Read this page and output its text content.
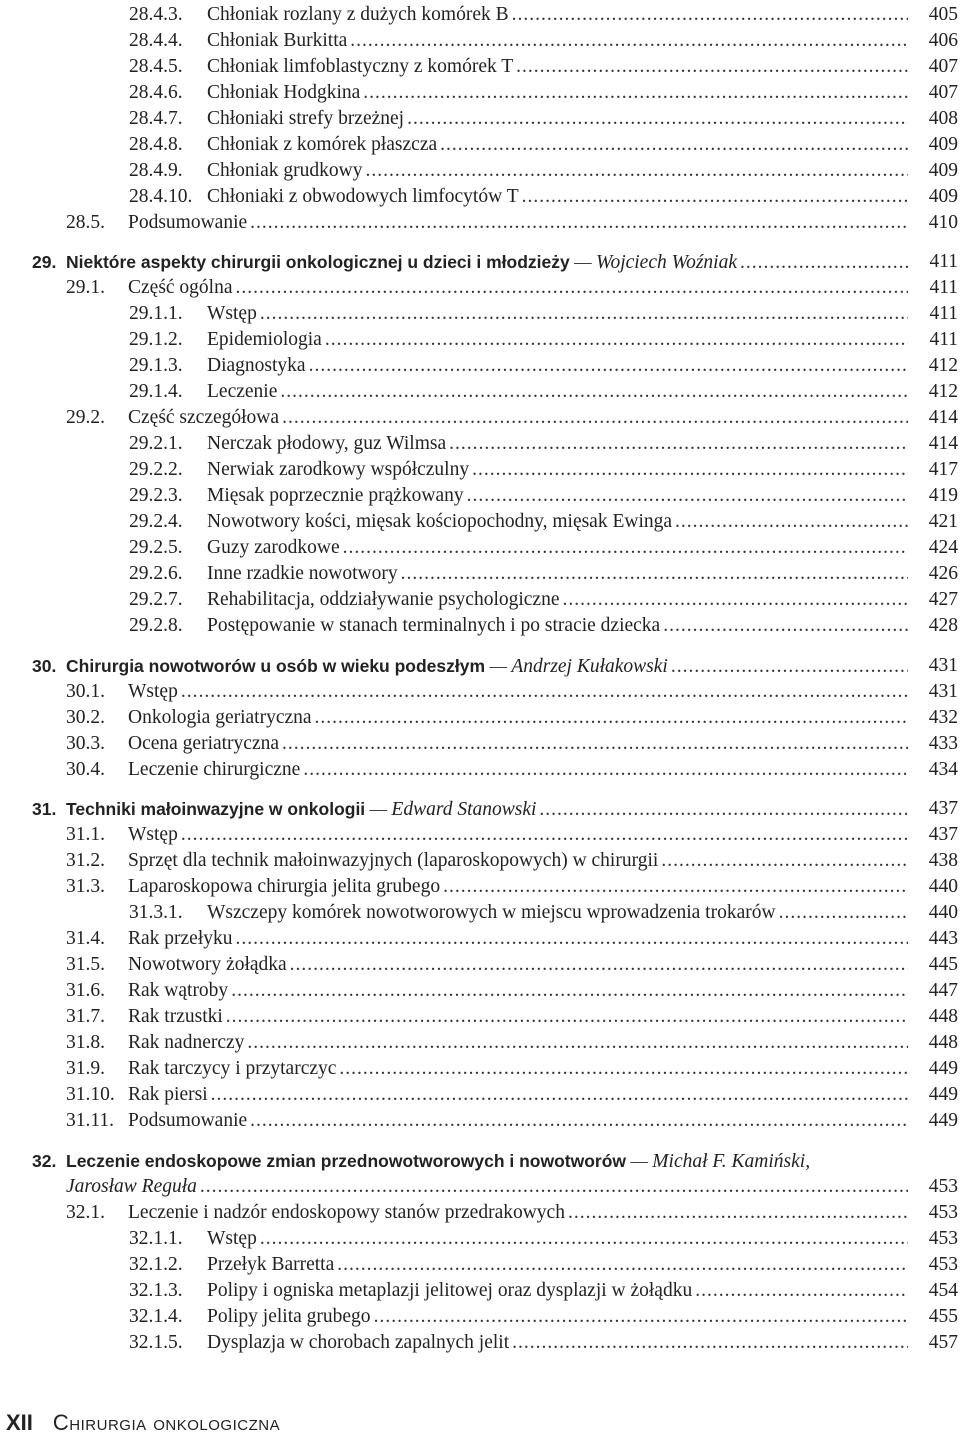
28.4.3. Chłoniak rozlany z dużych komórek B .....	405
28.4.4. Chłoniak Burkitta .....	406
28.4.5. Chłoniak limfoblastyczny z komórek T .....	407
28.4.6. Chłoniak Hodgkina .....	407
28.4.7. Chłoniaki strefy brzeżnej .....	408
28.4.8. Chłoniak z komórek płaszcza .....	409
28.4.9. Chłoniak grudkowy .....	409
28.4.10. Chłoniaki z obwodowych limfocytów T .....	409
28.5. Podsumowanie .....	410
29. Niektóre aspekty chirurgii onkologicznej u dzieci i młodzieży — Wojciech Woźniak .....	411
29.1. Część ogólna .....	411
29.1.1. Wstęp .....	411
29.1.2. Epidemiologia .....	411
29.1.3. Diagnostyka .....	412
29.1.4. Leczenie .....	412
29.2. Część szczegółowa .....	414
29.2.1. Nerczak płodowy, guz Wilmsa .....	414
29.2.2. Nerwiak zarodkowy współczulny .....	417
29.2.3. Mięsak poprzecznie prążkowany .....	419
29.2.4. Nowotwory kości, mięsak kościopochodny, mięsak Ewinga .....	421
29.2.5. Guzy zarodkowe .....	424
29.2.6. Inne rzadkie nowotwory .....	426
29.2.7. Rehabilitacja, oddziaływanie psychologiczne .....	427
29.2.8. Postępowanie w stanach terminalnych i po stracie dziecka .....	428
30. Chirurgia nowotworów u osób w wieku podeszłym — Andrzej Kułakowski .....	431
30.1. Wstęp .....	431
30.2. Onkologia geriatryczna .....	432
30.3. Ocena geriatryczna .....	433
30.4. Leczenie chirurgiczne .....	434
31. Techniki małoinwazyjne w onkologii — Edward Stanowski .....	437
31.1. Wstęp .....	437
31.2. Sprzęt dla technik małoinwazyjnych (laparoskopowych) w chirurgii .....	438
31.3. Laparoskopowa chirurgia jelita grubego .....	440
31.3.1. Wszczepy komórek nowotworowych w miejscu wprowadzenia trokarów .....	440
31.4. Rak przełyku .....	443
31.5. Nowotwory żołądka .....	445
31.6. Rak wątroby .....	447
31.7. Rak trzustki .....	448
31.8. Rak nadnerczy .....	448
31.9. Rak tarczycy i przytarczyc .....	449
31.10. Rak piersi .....	449
31.11. Podsumowanie .....	449
32. Leczenie endoskopowe zmian przednowotworowych i nowotworów — Michał F. Kamiński,
Jarosław Reguła .....	453
32.1. Leczenie i nadzór endoskopowy stanów przedrakowych .....	453
32.1.1. Wstęp .....	453
32.1.2. Przełyk Barretta .....	453
32.1.3. Polipy i ogniska metaplazji jelitowej oraz dysplazji w żołądku .....	454
32.1.4. Polipy jelita grubego .....	455
32.1.5. Dysplazja w chorobach zapalnych jelit .....	457
XII Chirurgia onkologiczna
